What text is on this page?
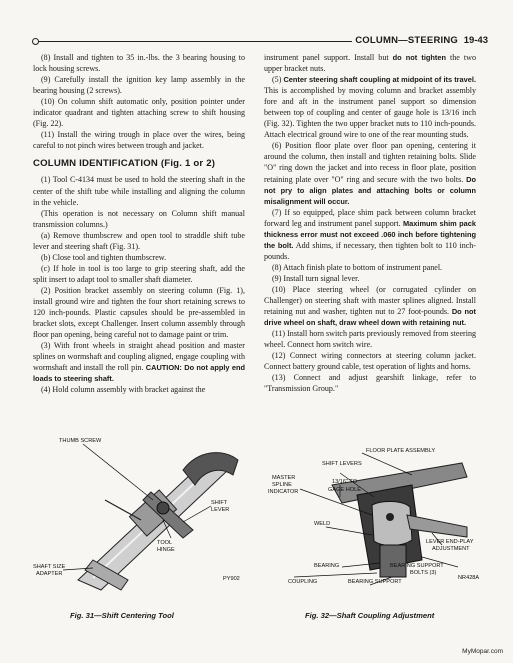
COLUMN—STEERING 19-43

(8) Install and tighten to 35 in.-lbs. the 3 bearing housing to lock housing screws.

(9) Carefully install the ignition key lamp assembly in the bearing housing (2 screws).

(10) On column shift automatic only, position pointer under indicator quadrant and tighten attaching screw to shift housing (Fig. 22).

(11) Install the wiring trough in place over the wires, being careful to not pinch wires between trough and jacket.

COLUMN IDENTIFICATION (Fig. 1 or 2)

(1) Tool C-4134 must be used to hold the steering shaft in the center of the shift tube while installing and aligning the column in the vehicle.

(This operation is not necessary on Column shift manual transmission columns.)

(a) Remove thumbscrew and open tool to straddle shift tube lever and steering shaft (Fig. 31).

(b) Close tool and tighten thumbscrew.

(c) If hole in tool is too large to grip steering shaft, add the split insert to adapt tool to smaller shaft diameter.

(2) Position bracket assembly on steering column (Fig. 1), install ground wire and tighten the four short retaining screws to 120 inch-pounds. Plastic capsules should be pre-assembled in bracket slots, except Challenger. Insert column assembly through floor pan opening, being careful not to damage paint or trim.

(3) With front wheels in straight ahead position and master splines on wormshaft and coupling aligned, engage coupling with wormshaft and install the roll pin. CAUTION: Do not apply end loads to steering shaft.

(4) Hold column assembly with bracket against the

instrument panel support. Install but do not tighten the two upper bracket nuts.

(5) Center steering shaft coupling at midpoint of its travel. This is accomplished by moving column and bracket assembly fore and aft in the instrument panel support so dimension between top of coupling and center of gauge hole is 13/16 inch (Fig. 32). Tighten the two upper bracket nuts to 110 inch-pounds. Attach electrical ground wire to one of the rear mounting studs.

(6) Position floor plate over floor pan opening, centering it around the column, then install and tighten retaining bolts. Slide "O" ring down the jacket and into recess in floor plate, position retaining plate over "O" ring and secure with the two bolts. Do not pry to align plates and attaching bolts or column misalignment will occur.

(7) If so equipped, place shim pack between column bracket forward leg and instrument panel support. Maximum shim pack thickness error must not exceed .060 inch before tightening the bolt. Add shims, if necessary, then tighten bolt to 110 inch-pounds.

(8) Attach finish plate to bottom of instrument panel.

(9) Install turn signal lever.

(10) Place steering wheel (or corrugated cylinder on Challenger) on steering shaft with master splines aligned. Install retaining nut and washer, tighten nut to 27 foot-pounds. Do not drive wheel on shaft, draw wheel down with retaining nut.

(11) Install horn switch parts previously removed from steering wheel. Connect horn switch wire.

(12) Connect wiring connectors at steering column jacket. Connect battery ground cable, test operation of lights and horns.

(13) Connect and adjust gearshift linkage, refer to "Transmission Group."

THUMB SCREW
SHIFT
LEVER
TOOL
HINGE
SHAFT SIZE
ADAPTER
PY902
Fig. 31—Shift Centering Tool
FLOOR PLATE ASSEMBLY
SHIFT LEVERS
MASTER
SPLINE
INDICATOR
13/16" TO
GAGE HOLE
WELD
LEVER END-PLAY
ADJUSTMENT
BEARING	BEARING SUPPORT
BOLTS (3)
COUPLING	BEARING SUPPORT
NR428A
Fig. 32—Shaft Coupling Adjustment
MyMopar.com
